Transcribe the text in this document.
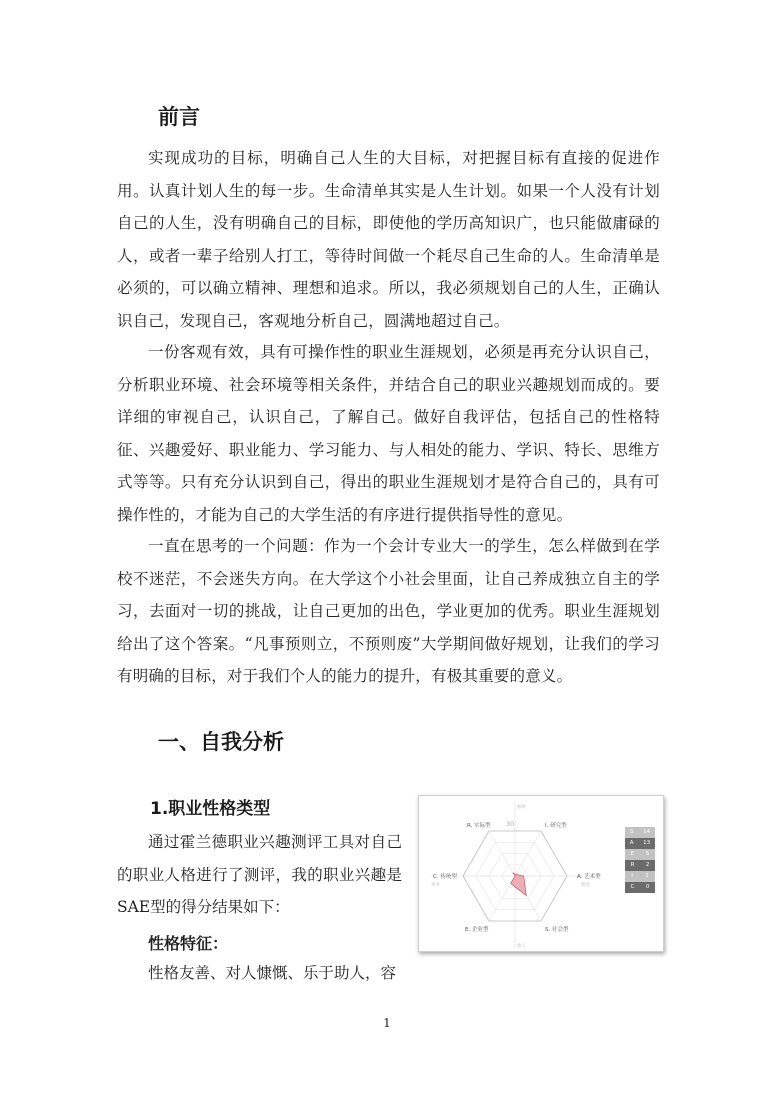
前言

实现成功的目标，明确自己人生的大目标，对把握目标有直接的促进作用。认真计划人生的每一步。生命清单其实是人生计划。如果一个人没有计划自己的人生，没有明确自己的目标，即使他的学历高知识广，也只能做庸碌的人，或者一辈子给别人打工，等待时间做一个耗尽自己生命的人。生命清单是必须的，可以确立精神、理想和追求。所以，我必须规划自己的人生，正确认识自己，发现自己，客观地分析自己，圆满地超过自己。

一份客观有效，具有可操作性的职业生涯规划，必须是再充分认识自己，分析职业环境、社会环境等相关条件，并结合自己的职业兴趣规划而成的。要详细的审视自己，认识自己，了解自己。做好自我评估，包括自己的性格特征、兴趣爱好、职业能力、学习能力、与人相处的能力、学识、特长、思维方式等等。只有充分认识到自己，得出的职业生涯规划才是符合自己的，具有可操作性的，才能为自己的大学生活的有序进行提供指导性的意见。

一直在思考的一个问题：作为一个会计专业大一的学生，怎么样做到在学校不迷茫，不会迷失方向。在大学这个小社会里面，让自己养成独立自主的学习，去面对一切的挑战，让自己更加的出色，学业更加的优秀。职业生涯规划给出了这个答案。“凡事预则立，不预则废”大学期间做好规划，让我们的学习有明确的目标，对于我们个人的能力的提升，有极其重要的意义。

一、自我分析
1.职业性格类型

通过霍兰德职业兴趣测评工具对自己的职业人格进行了测评，我的职业兴趣是SAE型的得分结果如下：

性格特征：

性格友善、对人慷慨、乐于助人，容

30	I. 研究型
A. 艺术型
S. 社会型
E. 企业型
C. 传统型
R. 实际型
抽象
理念
他人
事务
S 14
A 13
E 5
R 2
I 1
C 0

1
